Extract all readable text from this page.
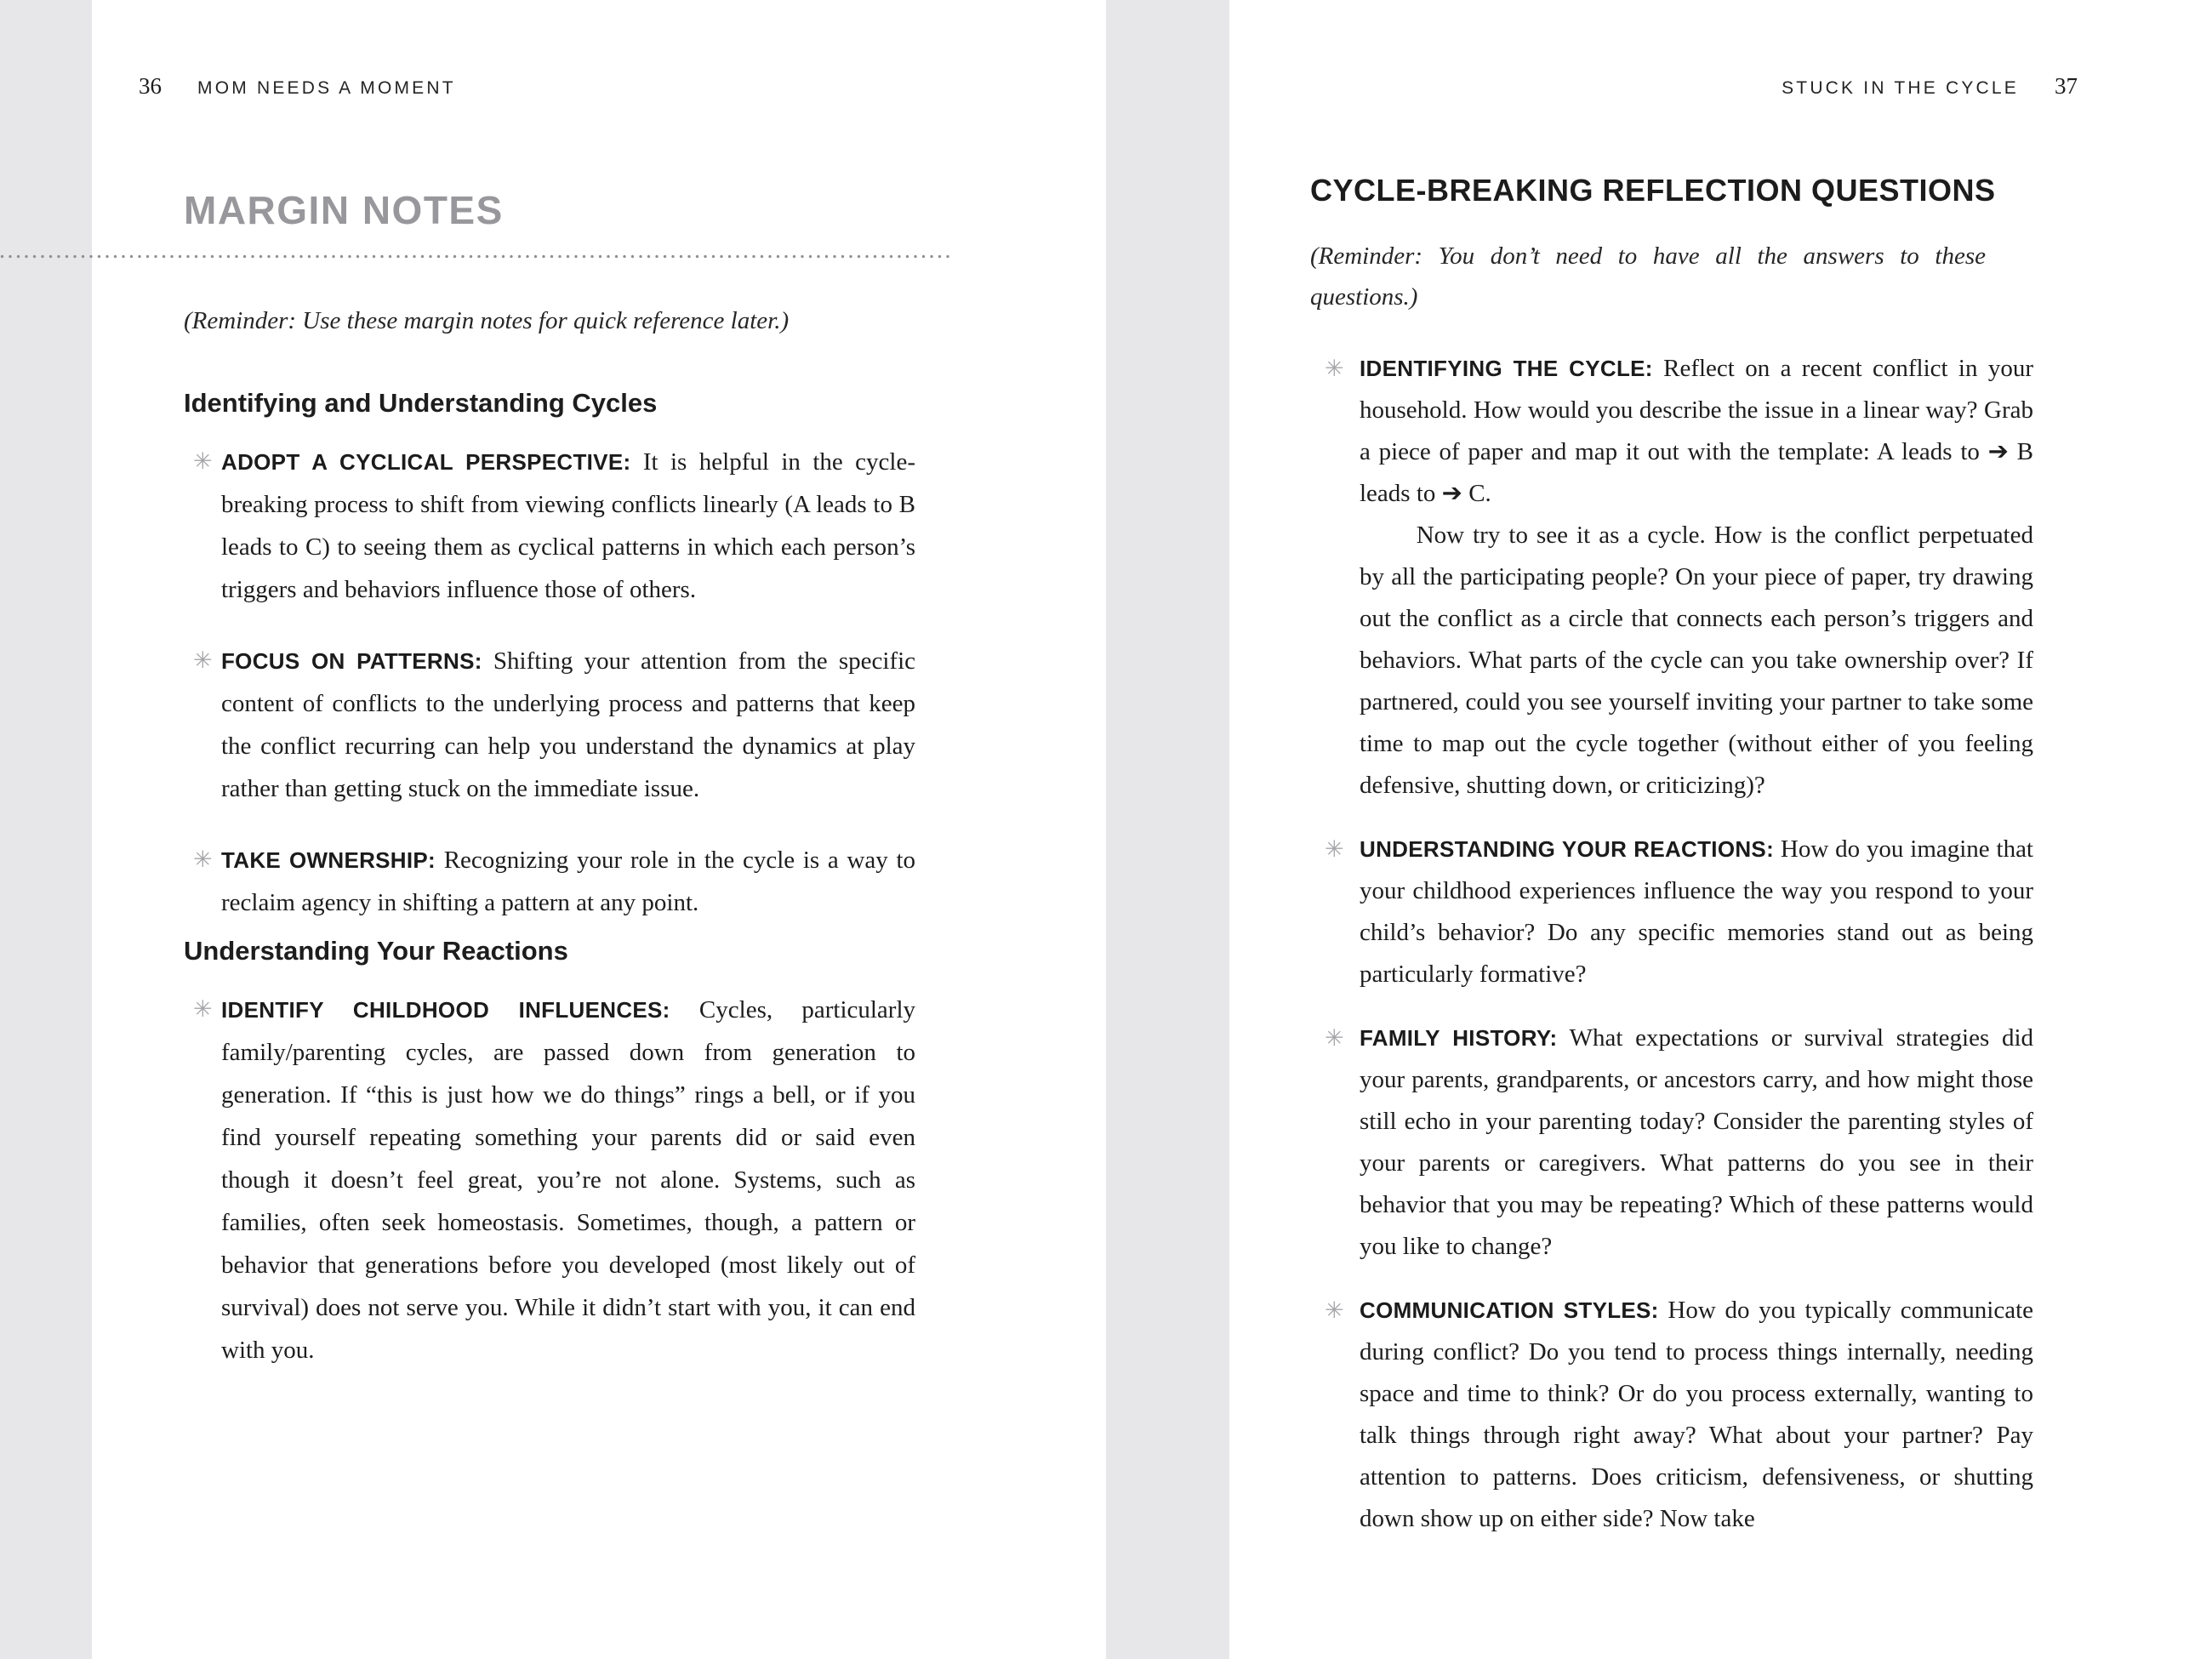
36 MOM NEEDS A MOMENT	STUCK IN THE CYCLE 37
MARGIN NOTES

(Reminder: Use these margin notes for quick reference later.)

Identifying and Understanding Cycles
✳ ADOPT A CYCLICAL PERSPECTIVE: It is helpful in the cycle-breaking process to shift from viewing conflicts linearly (A leads to B leads to C) to seeing them as cyclical patterns in which each person’s triggers and behaviors influence those of others.

✳ FOCUS ON PATTERNS: Shifting your attention from the specific content of conflicts to the underlying process and patterns that keep the conflict recurring can help you understand the dynamics at play rather than getting stuck on the immediate issue.

✳ TAKE OWNERSHIP: Recognizing your role in the cycle is a way to reclaim agency in shifting a pattern at any point.

Understanding Your Reactions
✳ IDENTIFY CHILDHOOD INFLUENCES: Cycles, particularly family/parenting cycles, are passed down from generation to generation. If “this is just how we do things” rings a bell, or if you find yourself repeating something your parents did or said even though it doesn’t feel great, you’re not alone. Systems, such as families, often seek homeostasis. Sometimes, though, a pattern or behavior that generations before you developed (most likely out of survival) does not serve you. While it didn’t start with you, it can end with you.

CYCLE-BREAKING REFLECTION QUESTIONS

(Reminder: You don’t need to have all the answers to these questions.)

✳ IDENTIFYING THE CYCLE: Reflect on a recent conflict in your household. How would you describe the issue in a linear way? Grab a piece of paper and map it out with the template: A leads to ➔ B leads to ➔ C.

Now try to see it as a cycle. How is the conflict perpetuated by all the participating people? On your piece of paper, try drawing out the conflict as a circle that connects each person’s triggers and behaviors. What parts of the cycle can you take ownership over? If partnered, could you see yourself inviting your partner to take some time to map out the cycle together (without either of you feeling defensive, shutting down, or criticizing)?

✳ UNDERSTANDING YOUR REACTIONS: How do you imagine that your childhood experiences influence the way you respond to your child’s behavior? Do any specific memories stand out as being particularly formative?

✳ FAMILY HISTORY: What expectations or survival strategies did your parents, grandparents, or ancestors carry, and how might those still echo in your parenting today? Consider the parenting styles of your parents or caregivers. What patterns do you see in their behavior that you may be repeating? Which of these patterns would you like to change?

✳ COMMUNICATION STYLES: How do you typically communicate during conflict? Do you tend to process things internally, needing space and time to think? Or do you process externally, wanting to talk things through right away? What about your partner? Pay attention to patterns. Does criticism, defensiveness, or shutting down show up on either side? Now take
